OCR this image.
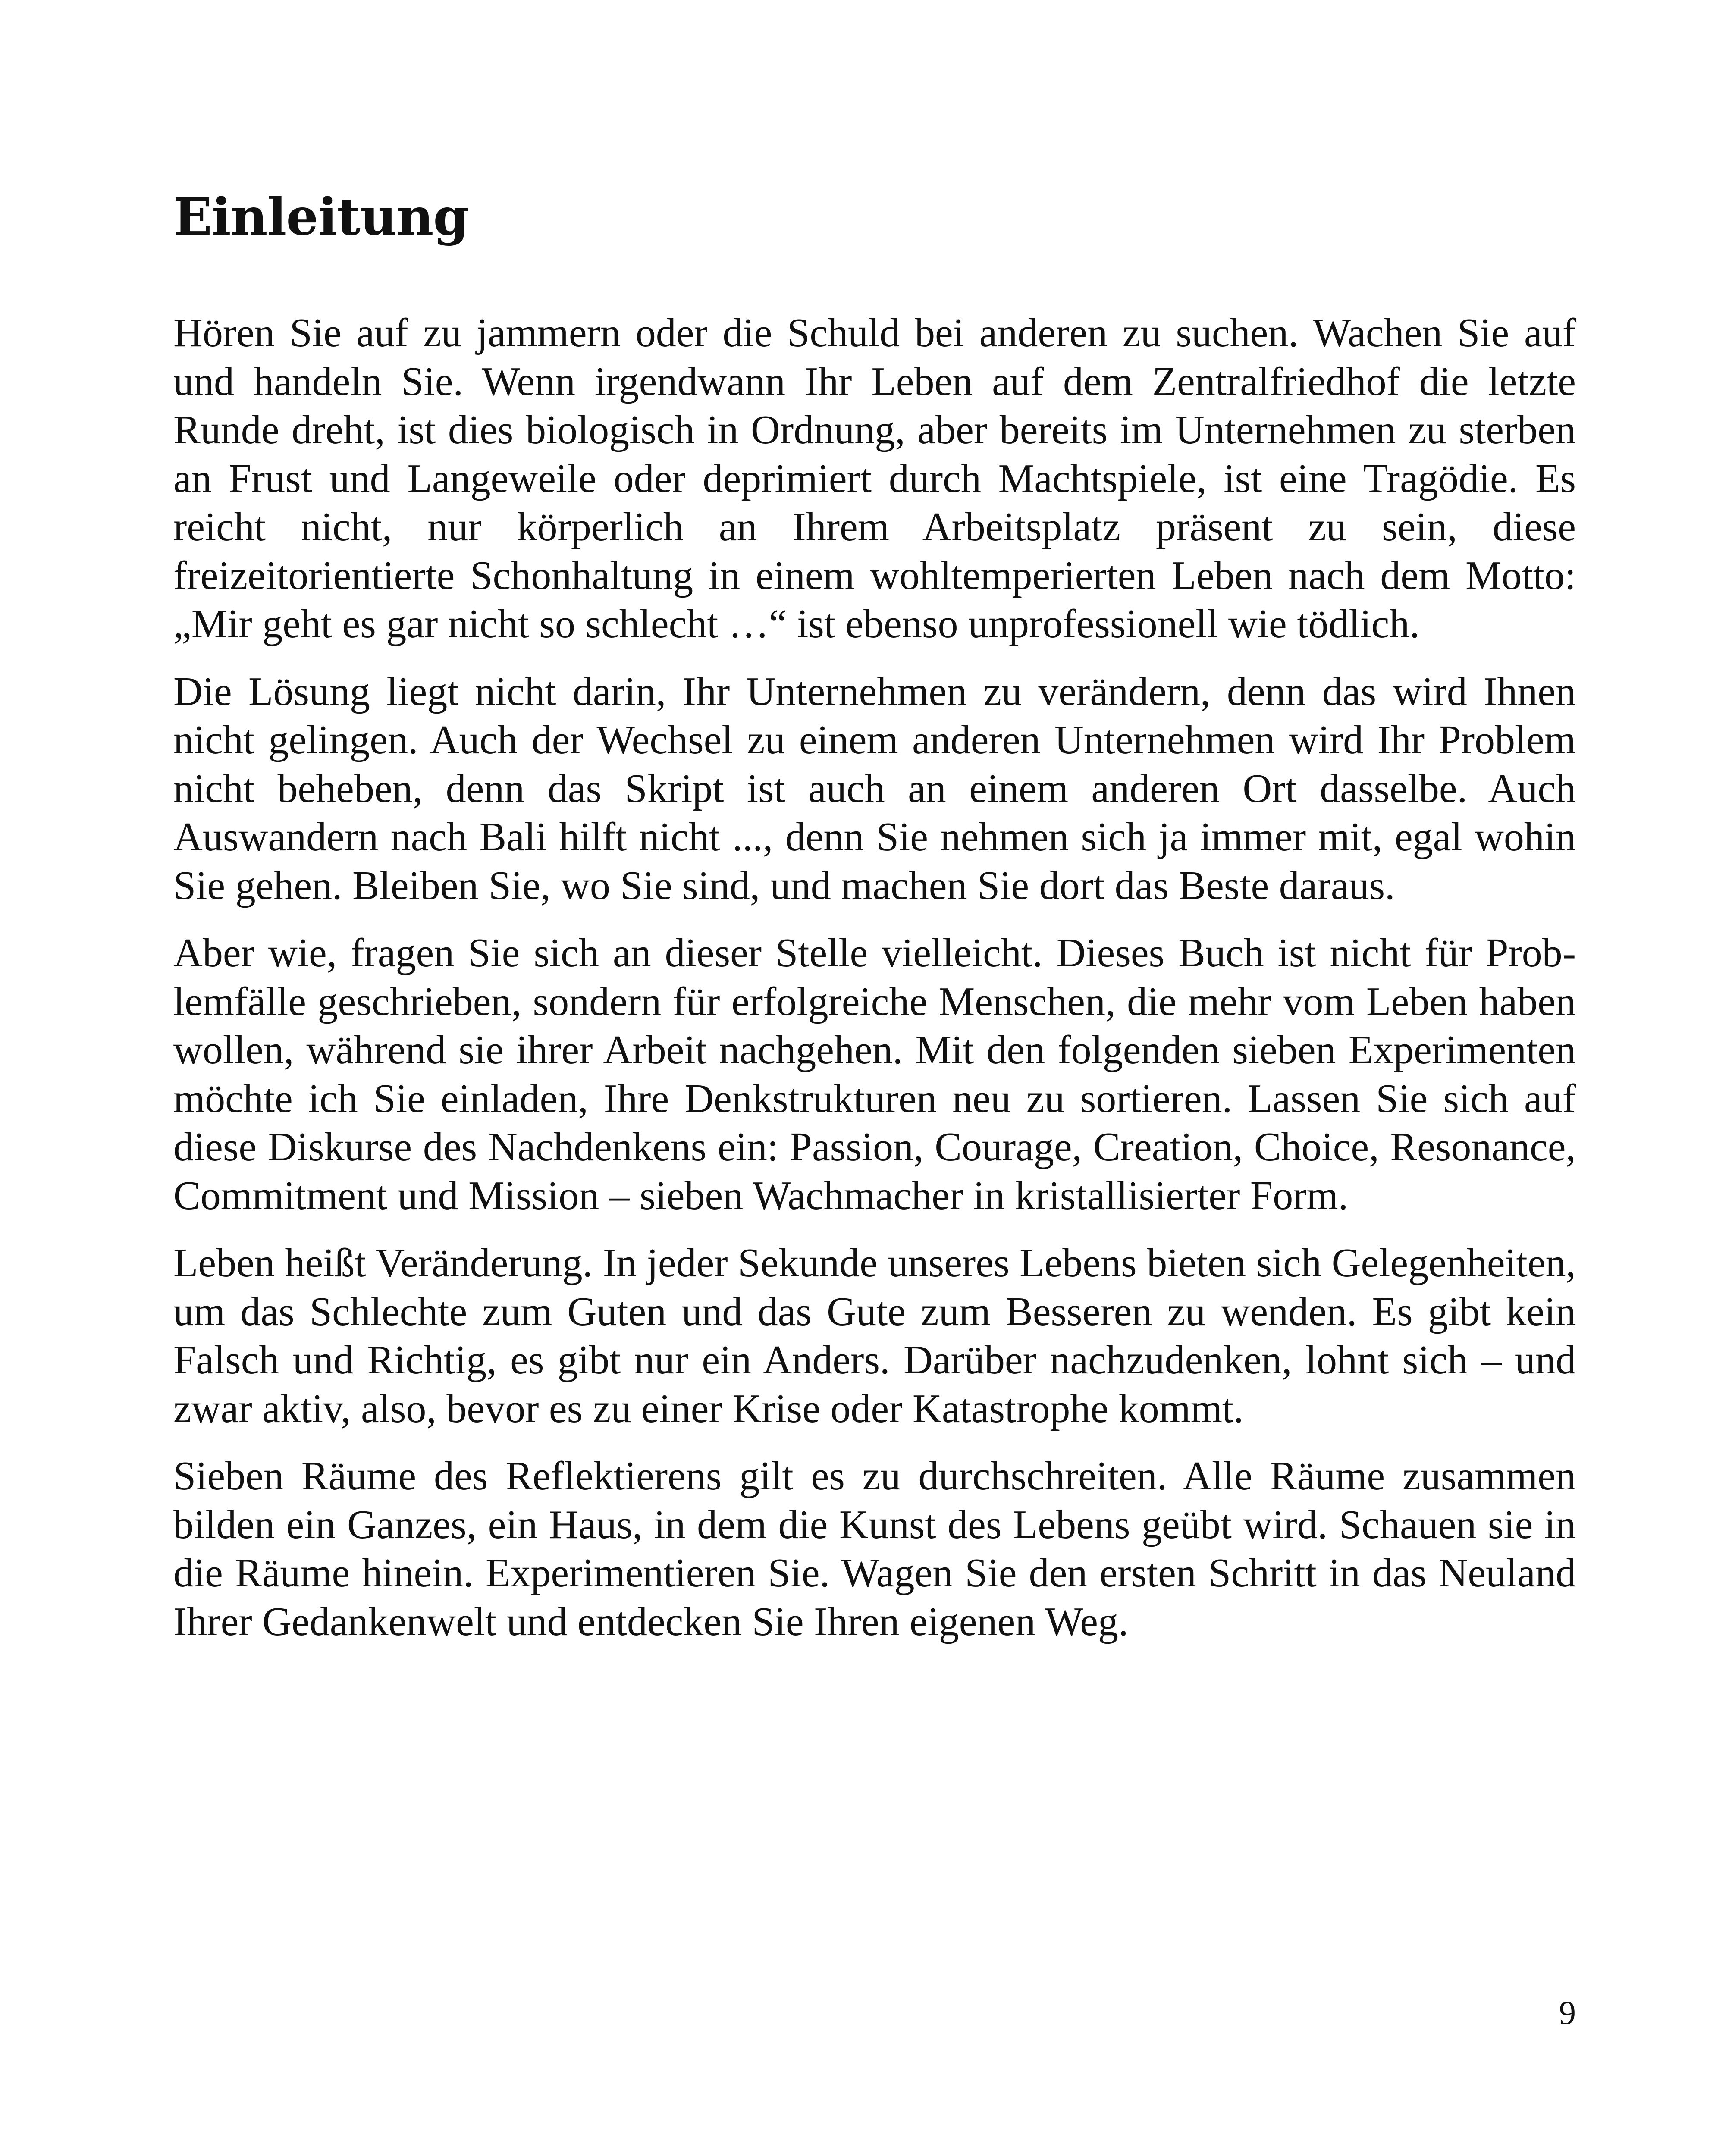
Einleitung

Hören Sie auf zu jammern oder die Schuld bei anderen zu suchen. Wachen Sie auf und handeln Sie. Wenn irgendwann Ihr Leben auf dem Zentralfriedhof die letzte Runde dreht, ist dies biologisch in Ordnung, aber bereits im Unternehmen zu sterben an Frust und Langeweile oder deprimiert durch Machtspiele, ist eine Tragödie. Es reicht nicht, nur körperlich an Ihrem Arbeitsplatz präsent zu sein, diese freizeitorientierte Schonhaltung in einem wohltemperierten Leben nach dem Motto: „Mir geht es gar nicht so schlecht …“ ist ebenso unprofessionell wie tödlich.

Die Lösung liegt nicht darin, Ihr Unternehmen zu verändern, denn das wird Ihnen nicht gelingen. Auch der Wechsel zu einem anderen Unternehmen wird Ihr Problem nicht beheben, denn das Skript ist auch an einem anderen Ort dasselbe. Auch Auswandern nach Bali hilft nicht ..., denn Sie nehmen sich ja immer mit, egal wohin Sie gehen. Bleiben Sie, wo Sie sind, und machen Sie dort das Beste daraus.

Aber wie, fragen Sie sich an dieser Stelle vielleicht. Dieses Buch ist nicht für Problemfälle geschrieben, sondern für erfolgreiche Menschen, die mehr vom Leben haben wollen, während sie ihrer Arbeit nachgehen. Mit den folgenden sieben Experimenten möchte ich Sie einladen, Ihre Denkstrukturen neu zu sortieren. Lassen Sie sich auf diese Diskurse des Nachdenkens ein: Passion, Courage, Creation, Choice, Resonance, Commitment und Mission – sieben Wachmacher in kristallisierter Form.

Leben heißt Veränderung. In jeder Sekunde unseres Lebens bieten sich Gelegenheiten, um das Schlechte zum Guten und das Gute zum Besseren zu wenden. Es gibt kein Falsch und Richtig, es gibt nur ein Anders. Darüber nachzudenken, lohnt sich – und zwar aktiv, also, bevor es zu einer Krise oder Katastrophe kommt.

Sieben Räume des Reflektierens gilt es zu durchschreiten. Alle Räume zusammen bilden ein Ganzes, ein Haus, in dem die Kunst des Lebens geübt wird. Schauen sie in die Räume hinein. Experimentieren Sie. Wagen Sie den ersten Schritt in das Neuland Ihrer Gedankenwelt und entdecken Sie Ihren eigenen Weg.

9
